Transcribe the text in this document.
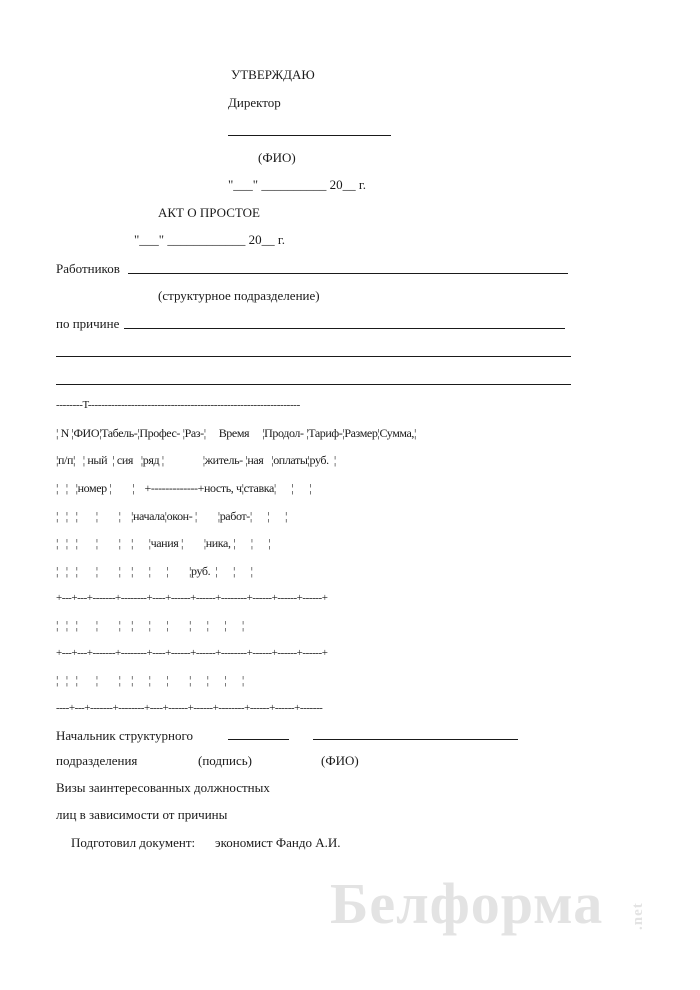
УТВЕРЖДАЮ
Директор
(ФИО)
"___" __________ 20__ г.
АКТ О ПРОСТОЕ
"___" ____________ 20__ г.
Работников
(структурное подразделение)
по причине
--------T----------------------------------------------------------------
¦ N ¦ФИО¦Табель-¦Профес- ¦Раз-¦     Время     ¦Продол- ¦Тариф-¦Размер¦Сумма,¦
¦п/п¦   ¦ ный  ¦ сия   ¦ряд ¦               ¦житель- ¦ная   ¦оплаты¦руб.  ¦
¦   ¦   ¦номер ¦        ¦    +-------------+ность, ч¦ставка¦      ¦      ¦
¦   ¦   ¦       ¦        ¦    ¦начала¦окон- ¦        ¦работ-¦      ¦      ¦
¦   ¦   ¦       ¦        ¦    ¦      ¦чания ¦        ¦ника, ¦      ¦      ¦
¦   ¦   ¦       ¦        ¦    ¦      ¦      ¦        ¦руб.  ¦      ¦      ¦
+---+---+-------+--------+----+------+------+--------+------+------+------+
¦   ¦   ¦       ¦        ¦    ¦      ¦      ¦        ¦      ¦      ¦      ¦
+---+---+-------+--------+----+------+------+--------+------+------+------+
¦   ¦   ¦       ¦        ¦    ¦      ¦      ¦        ¦      ¦      ¦      ¦
----+---+-------+--------+----+------+------+--------+------+------+-------
Начальник структурного
подразделения	(подпись)	(ФИО)
Визы заинтересованных должностных
лиц в зависимости от причины
Подготовил документ: экономист Фандо А.И.
Белформа .net
